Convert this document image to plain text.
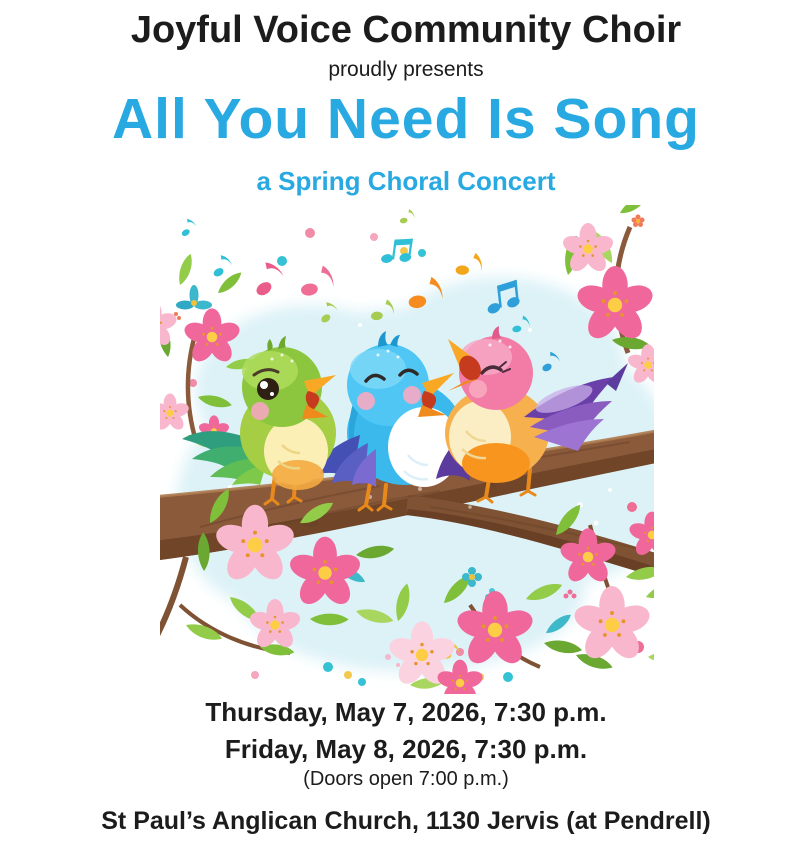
Joyful Voice Community Choir
proudly presents
All You Need Is Song
a Spring Choral Concert
Thursday, May 7, 2026, 7:30 p.m.
Friday, May 8, 2026, 7:30 p.m.
(Doors open 7:00 p.m.)
St Paul’s Anglican Church, 1130 Jervis (at Pendrell)
